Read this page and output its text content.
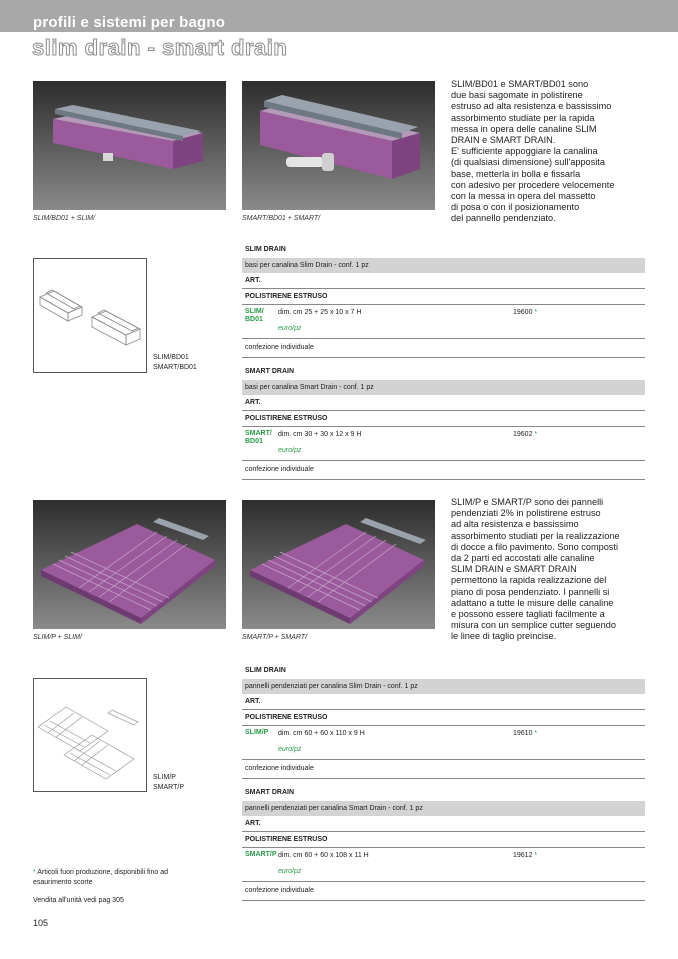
profili e sistemi per bagno
slim drain - smart drain
SLIM/BD01 + SLIM/	SMART/BD01 + SMART/
SLIM/BD01 e SMART/BD01 sono
due basi sagomate in polistirene
estruso ad alta resistenza e bassissimo
assorbimento studiate per la rapida
messa in opera delle canaline SLIM
DRAIN e SMART DRAIN.
E' sufficiente appoggiare la canalina
(di qualsiasi dimensione) sull'apposita
base, metterla in bolla e fissarla
con adesivo per procedere velocemente
con la messa in opera del massetto
di posa o con il posizionamento
del pannello pendenziato.
SLIM/BD01
SMART/BD01
SLIM DRAIN
basi per canalina Slim Drain - conf. 1 pz
ART.
POLISTIRENE ESTRUSO
SLIM/ BD01
dim. cm 25 + 25 x 10 x 7 H	19600 *
euro/pz
confezione individuale
SMART DRAIN
basi per canalina Smart Drain - conf. 1 pz
ART.
POLISTIRENE ESTRUSO
SMART/ BD01
dim. cm 30 + 30 x 12 x 9 H	19602 *
euro/pz
confezione individuale
SLIM/P + SLIM/	SMART/P + SMART/
SLIM/P e SMART/P sono dei pannelli
pendenziati 2% in polistirene estruso
ad alta resistenza e bassissimo
assorbimento studiati per la realizzazione
di docce a filo pavimento. Sono composti
da 2 parti ed accostati alle canaline
SLIM DRAIN e SMART DRAIN
permettono la rapida realizzazione del
piano di posa pendenziato. I pannelli si
adattano a tutte le misure delle canaline
e possono essere tagliati facilmente a
misura con un semplice cutter seguendo
le linee di taglio preincise.
SLIM/P
SMART/P
SLIM DRAIN
pannelli pendenziati per canalina Slim Drain - conf. 1 pz
ART.
POLISTIRENE ESTRUSO
SLIM/P	dim. cm 60 + 60 x 110 x 9 H	19610 *
euro/pz
confezione individuale
SMART DRAIN
pannelli pendenziati per canalina Smart Drain - conf. 1 pz
ART.
POLISTIRENE ESTRUSO
SMART/P dim. cm 60 + 60 x 108 x 11 H	19612 *
euro/pz
confezione individuale
* Articoli fuori produzione, disponibili fino ad esaurimento scorte
Vendita all'unità vedi pag 305
105
